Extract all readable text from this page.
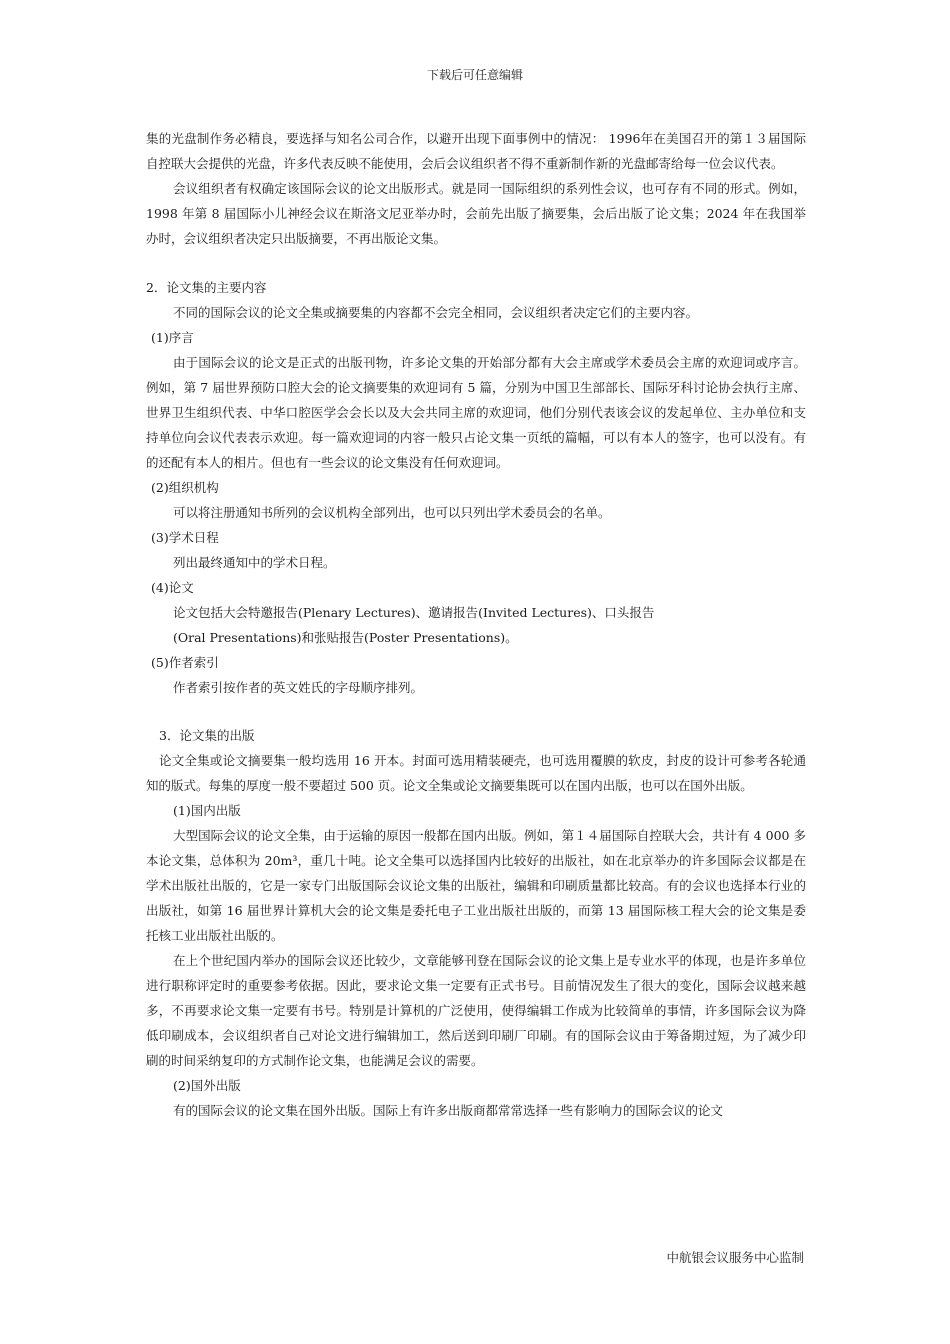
下载后可任意编辑

集的光盘制作务必精良，要选择与知名公司合作，以避开出现下面事例中的情况： 1996年在美国召开的第１３届国际自控联大会提供的光盘，许多代表反映不能使用，会后会议组织者不得不重新制作新的光盘邮寄给每一位会议代表。

会议组织者有权确定该国际会议的论文出版形式。就是同一国际组织的系列性会议，也可存有不同的形式。例如，1998 年第 8 届国际小儿神经会议在斯洛文尼亚举办时，会前先出版了摘要集，会后出版了论文集；2024 年在我国举办时，会议组织者决定只出版摘要，不再出版论文集。

2．论文集的主要内容

不同的国际会议的论文全集或摘要集的内容都不会完全相同，会议组织者决定它们的主要内容。

(1)序言

由于国际会议的论文是正式的出版刊物，许多论文集的开始部分都有大会主席或学术委员会主席的欢迎词或序言。例如，第 7 届世界预防口腔大会的论文摘要集的欢迎词有 5 篇，分别为中国卫生部部长、国际牙科讨论协会执行主席、世界卫生组织代表、中华口腔医学会会长以及大会共同主席的欢迎词，他们分别代表该会议的发起单位、主办单位和支持单位向会议代表表示欢迎。每一篇欢迎词的内容一般只占论文集一页纸的篇幅，可以有本人的签字，也可以没有。有的还配有本人的相片。但也有一些会议的论文集没有任何欢迎词。

(2)组织机构

可以将注册通知书所列的会议机构全部列出，也可以只列出学术委员会的名单。

(3)学术日程

列出最终通知中的学术日程。

(4)论文

论文包括大会特邀报告(Plenary Lectures)、邀请报告(Invited Lectures)、口头报告

(Oral Presentations)和张贴报告(Poster Presentations)。

(5)作者索引

作者索引按作者的英文姓氏的字母顺序排列。

3．论文集的出版

论文全集或论文摘要集一般均选用 16 开本。封面可选用精装硬壳，也可选用覆膜的软皮，封皮的设计可参考各轮通知的版式。每集的厚度一般不要超过 500 页。论文全集或论文摘要集既可以在国内出版，也可以在国外出版。

(1)国内出版

大型国际会议的论文全集，由于运输的原因一般都在国内出版。例如，第１４届国际自控联大会，共计有 4 000 多本论文集，总体积为 20m³，重几十吨。论文全集可以选择国内比较好的出版社，如在北京举办的许多国际会议都是在学术出版社出版的，它是一家专门出版国际会议论文集的出版社，编辑和印刷质量都比较高。有的会议也选择本行业的出版社，如第 16 届世界计算机大会的论文集是委托电子工业出版社出版的，而第 13 届国际核工程大会的论文集是委托核工业出版社出版的。

在上个世纪国内举办的国际会议还比较少，文章能够刊登在国际会议的论文集上是专业水平的体现，也是许多单位进行职称评定时的重要参考依据。因此，要求论文集一定要有正式书号。目前情况发生了很大的变化，国际会议越来越多，不再要求论文集一定要有书号。特别是计算机的广泛使用，使得编辑工作成为比较简单的事情，许多国际会议为降低印刷成本，会议组织者自己对论文进行编辑加工，然后送到印刷厂印刷。有的国际会议由于筹备期过短，为了减少印刷的时间采纳复印的方式制作论文集，也能满足会议的需要。

(2)国外出版

有的国际会议的论文集在国外出版。国际上有许多出版商都常常选择一些有影响力的国际会议的论文

中航银会议服务中心监制
